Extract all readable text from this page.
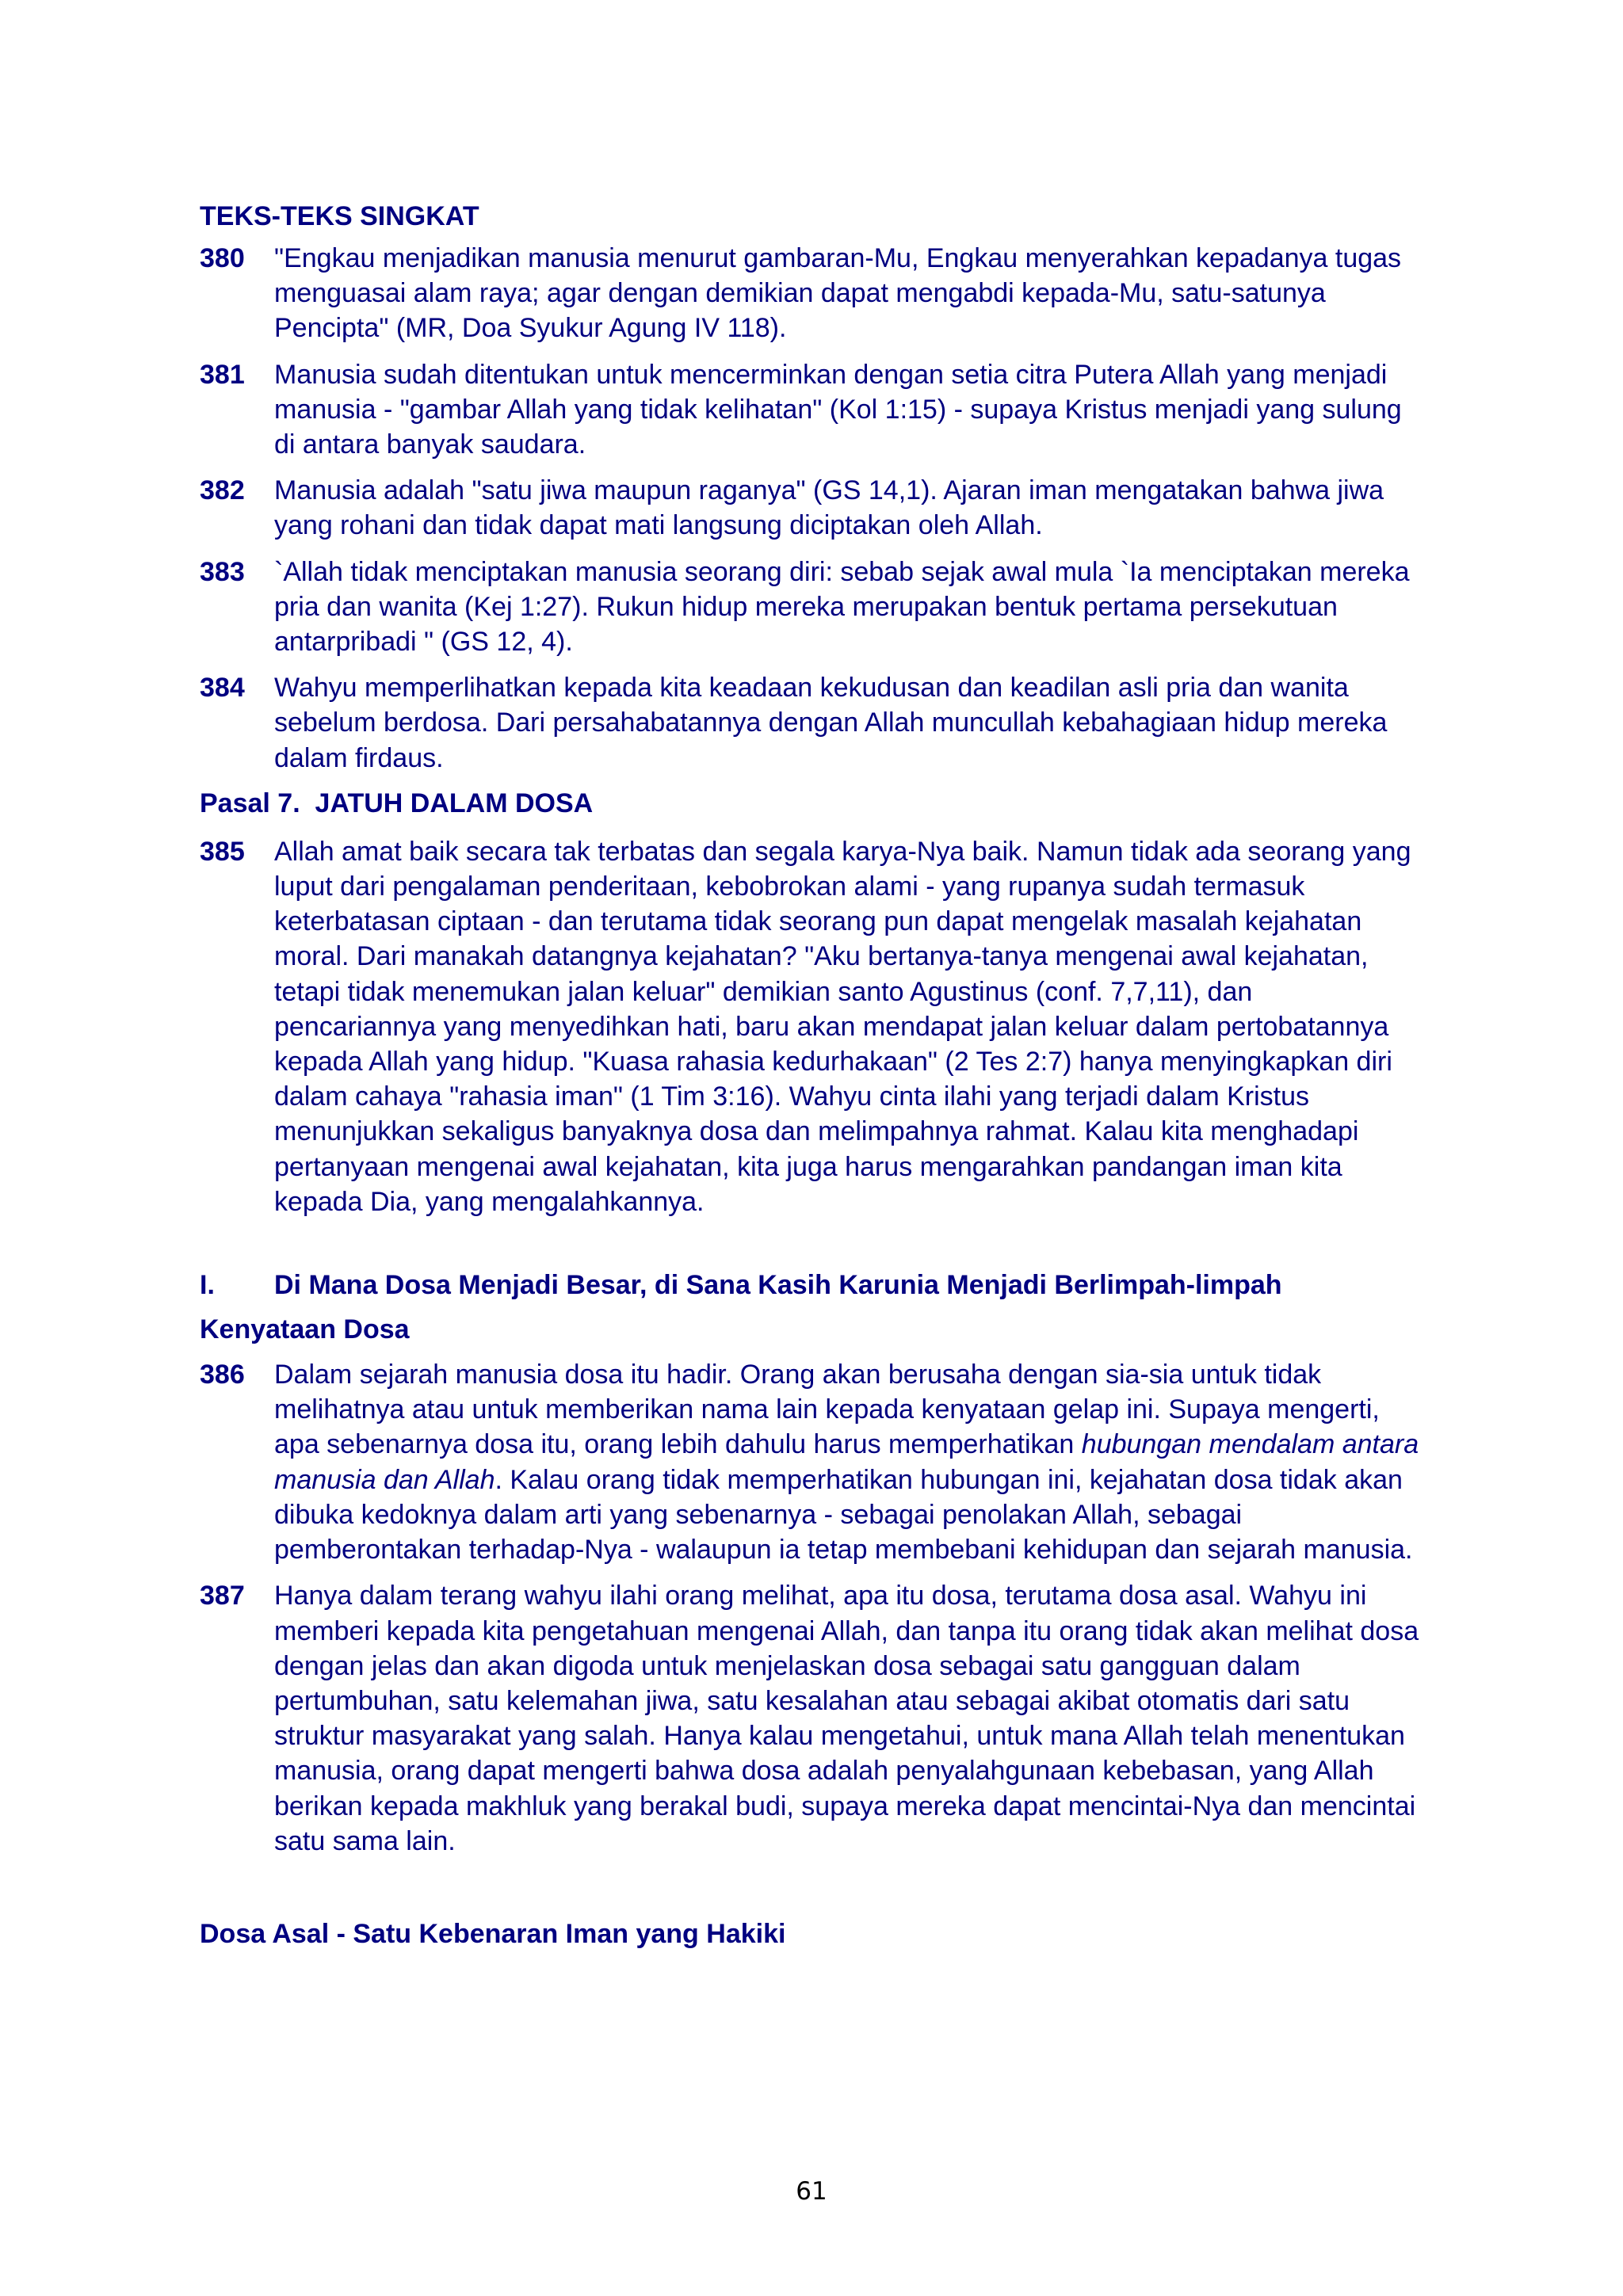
TEKS-TEKS SINGKAT
380 "Engkau menjadikan manusia menurut gambaran-Mu, Engkau menyerahkan kepadanya tugas menguasai alam raya; agar dengan demikian dapat mengabdi kepada-Mu, satu-satunya Pencipta" (MR, Doa Syukur Agung IV 118).
381 Manusia sudah ditentukan untuk mencerminkan dengan setia citra Putera Allah yang menjadi manusia - "gambar Allah yang tidak kelihatan" (Kol 1:15) - supaya Kristus menjadi yang sulung di antara banyak saudara.
382 Manusia adalah "satu jiwa maupun raganya" (GS 14,1). Ajaran iman mengatakan bahwa jiwa yang rohani dan tidak dapat mati langsung diciptakan oleh Allah.
383 `Allah tidak menciptakan manusia seorang diri: sebab sejak awal mula `Ia menciptakan mereka pria dan wanita (Kej 1:27). Rukun hidup mereka merupakan bentuk pertama persekutuan antarpribadi " (GS 12, 4).
384 Wahyu memperlihatkan kepada kita keadaan kekudusan dan keadilan asli pria dan wanita sebelum berdosa. Dari persahabatannya dengan Allah muncullah kebahagiaan hidup mereka dalam firdaus.
Pasal 7.  JATUH DALAM DOSA
385 Allah amat baik secara tak terbatas dan segala karya-Nya baik. Namun tidak ada seorang yang luput dari pengalaman penderitaan, kebobrokan alami - yang rupanya sudah termasuk keterbatasan ciptaan - dan terutama tidak seorang pun dapat mengelak masalah kejahatan moral. Dari manakah datangnya kejahatan? "Aku bertanya-tanya mengenai awal kejahatan, tetapi tidak menemukan jalan keluar" demikian santo Agustinus (conf. 7,7,11), dan pencariannya yang menyedihkan hati, baru akan mendapat jalan keluar dalam pertobatannya kepada Allah yang hidup. "Kuasa rahasia kedurhakaan" (2 Tes 2:7) hanya menyingkapkan diri dalam cahaya "rahasia iman" (1 Tim 3:16). Wahyu cinta ilahi yang terjadi dalam Kristus menunjukkan sekaligus banyaknya dosa dan melimpahnya rahmat. Kalau kita menghadapi pertanyaan mengenai awal kejahatan, kita juga harus mengarahkan pandangan iman kita kepada Dia, yang mengalahkannya.
I. Di Mana Dosa Menjadi Besar, di Sana Kasih Karunia Menjadi Berlimpah-limpah
Kenyataan Dosa
386 Dalam sejarah manusia dosa itu hadir. Orang akan berusaha dengan sia-sia untuk tidak melihatnya atau untuk memberikan nama lain kepada kenyataan gelap ini. Supaya mengerti, apa sebenarnya dosa itu, orang lebih dahulu harus memperhatikan hubungan mendalam antara manusia dan Allah. Kalau orang tidak memperhatikan hubungan ini, kejahatan dosa tidak akan dibuka kedoknya dalam arti yang sebenarnya - sebagai penolakan Allah, sebagai pemberontakan terhadap-Nya - walaupun ia tetap membebani kehidupan dan sejarah manusia.
387 Hanya dalam terang wahyu ilahi orang melihat, apa itu dosa, terutama dosa asal. Wahyu ini memberi kepada kita pengetahuan mengenai Allah, dan tanpa itu orang tidak akan melihat dosa dengan jelas dan akan digoda untuk menjelaskan dosa sebagai satu gangguan dalam pertumbuhan, satu kelemahan jiwa, satu kesalahan atau sebagai akibat otomatis dari satu struktur masyarakat yang salah. Hanya kalau mengetahui, untuk mana Allah telah menentukan manusia, orang dapat mengerti bahwa dosa adalah penyalahgunaan kebebasan, yang Allah berikan kepada makhluk yang berakal budi, supaya mereka dapat mencintai-Nya dan mencintai satu sama lain.
Dosa Asal - Satu Kebenaran Iman yang Hakiki
61
